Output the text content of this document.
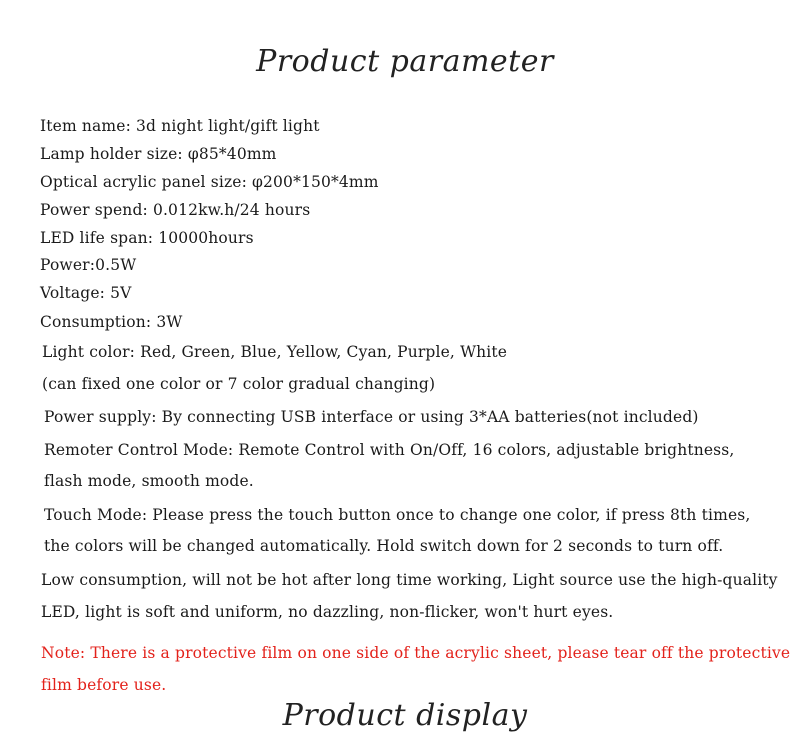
Product parameter
Item name: 3d night light/gift light
Lamp holder size: φ85*40mm
Optical acrylic panel size: φ200*150*4mm
Power spend: 0.012kw.h/24 hours
LED life span: 10000hours
Power:0.5W
Voltage: 5V
Consumption: 3W
Light color: Red, Green, Blue, Yellow, Cyan, Purple, White
(can fixed one color or 7 color gradual changing)
Power supply: By connecting USB interface or using 3*AA batteries(not included)
Remoter Control Mode: Remote Control with On/Off, 16 colors, adjustable brightness,
flash mode, smooth mode.
Touch Mode: Please press the touch button once to change one color, if press 8th times,
the colors will be changed automatically. Hold switch down for 2 seconds to turn off.
Low consumption, will not be hot after long time working, Light source use the high-quality
LED, light is soft and uniform, no dazzling, non-flicker, won't hurt eyes.
Note: There is a protective film on one side of the acrylic sheet, please tear off the protective
film before use.
Product display
